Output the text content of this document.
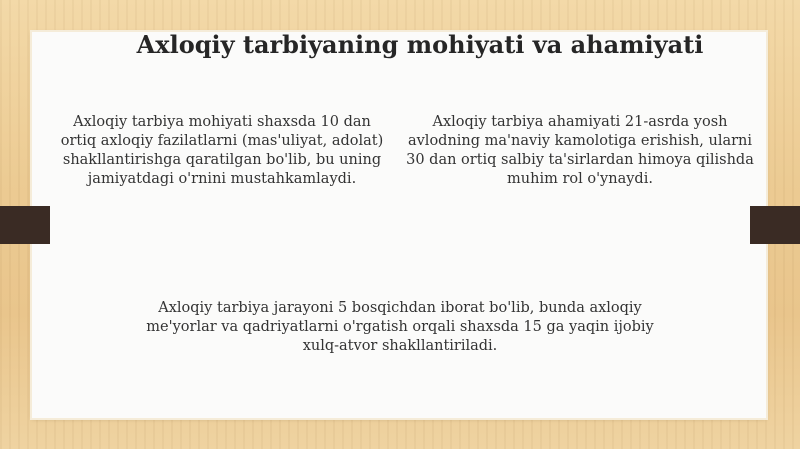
Axloqiy tarbiyaning mohiyati va ahamiyati
Axloqiy tarbiya mohiyati shaxsda 10 dan
ortiq axloqiy fazilatlarni (mas'uliyat, adolat)
shakllantirishga qaratilgan bo'lib, bu uning
jamiyatdagi o'rnini mustahkamlaydi.
Axloqiy tarbiya ahamiyati 21-asrda yosh
avlodning ma'naviy kamolotiga erishish, ularni
30 dan ortiq salbiy ta'sirlardan himoya qilishda
muhim rol o'ynaydi.
Axloqiy tarbiya jarayoni 5 bosqichdan iborat bo'lib, bunda axloqiy
me'yorlar va qadriyatlarni o'rgatish orqali shaxsda 15 ga yaqin ijobiy
xulq-atvor shakllantiriladi.
